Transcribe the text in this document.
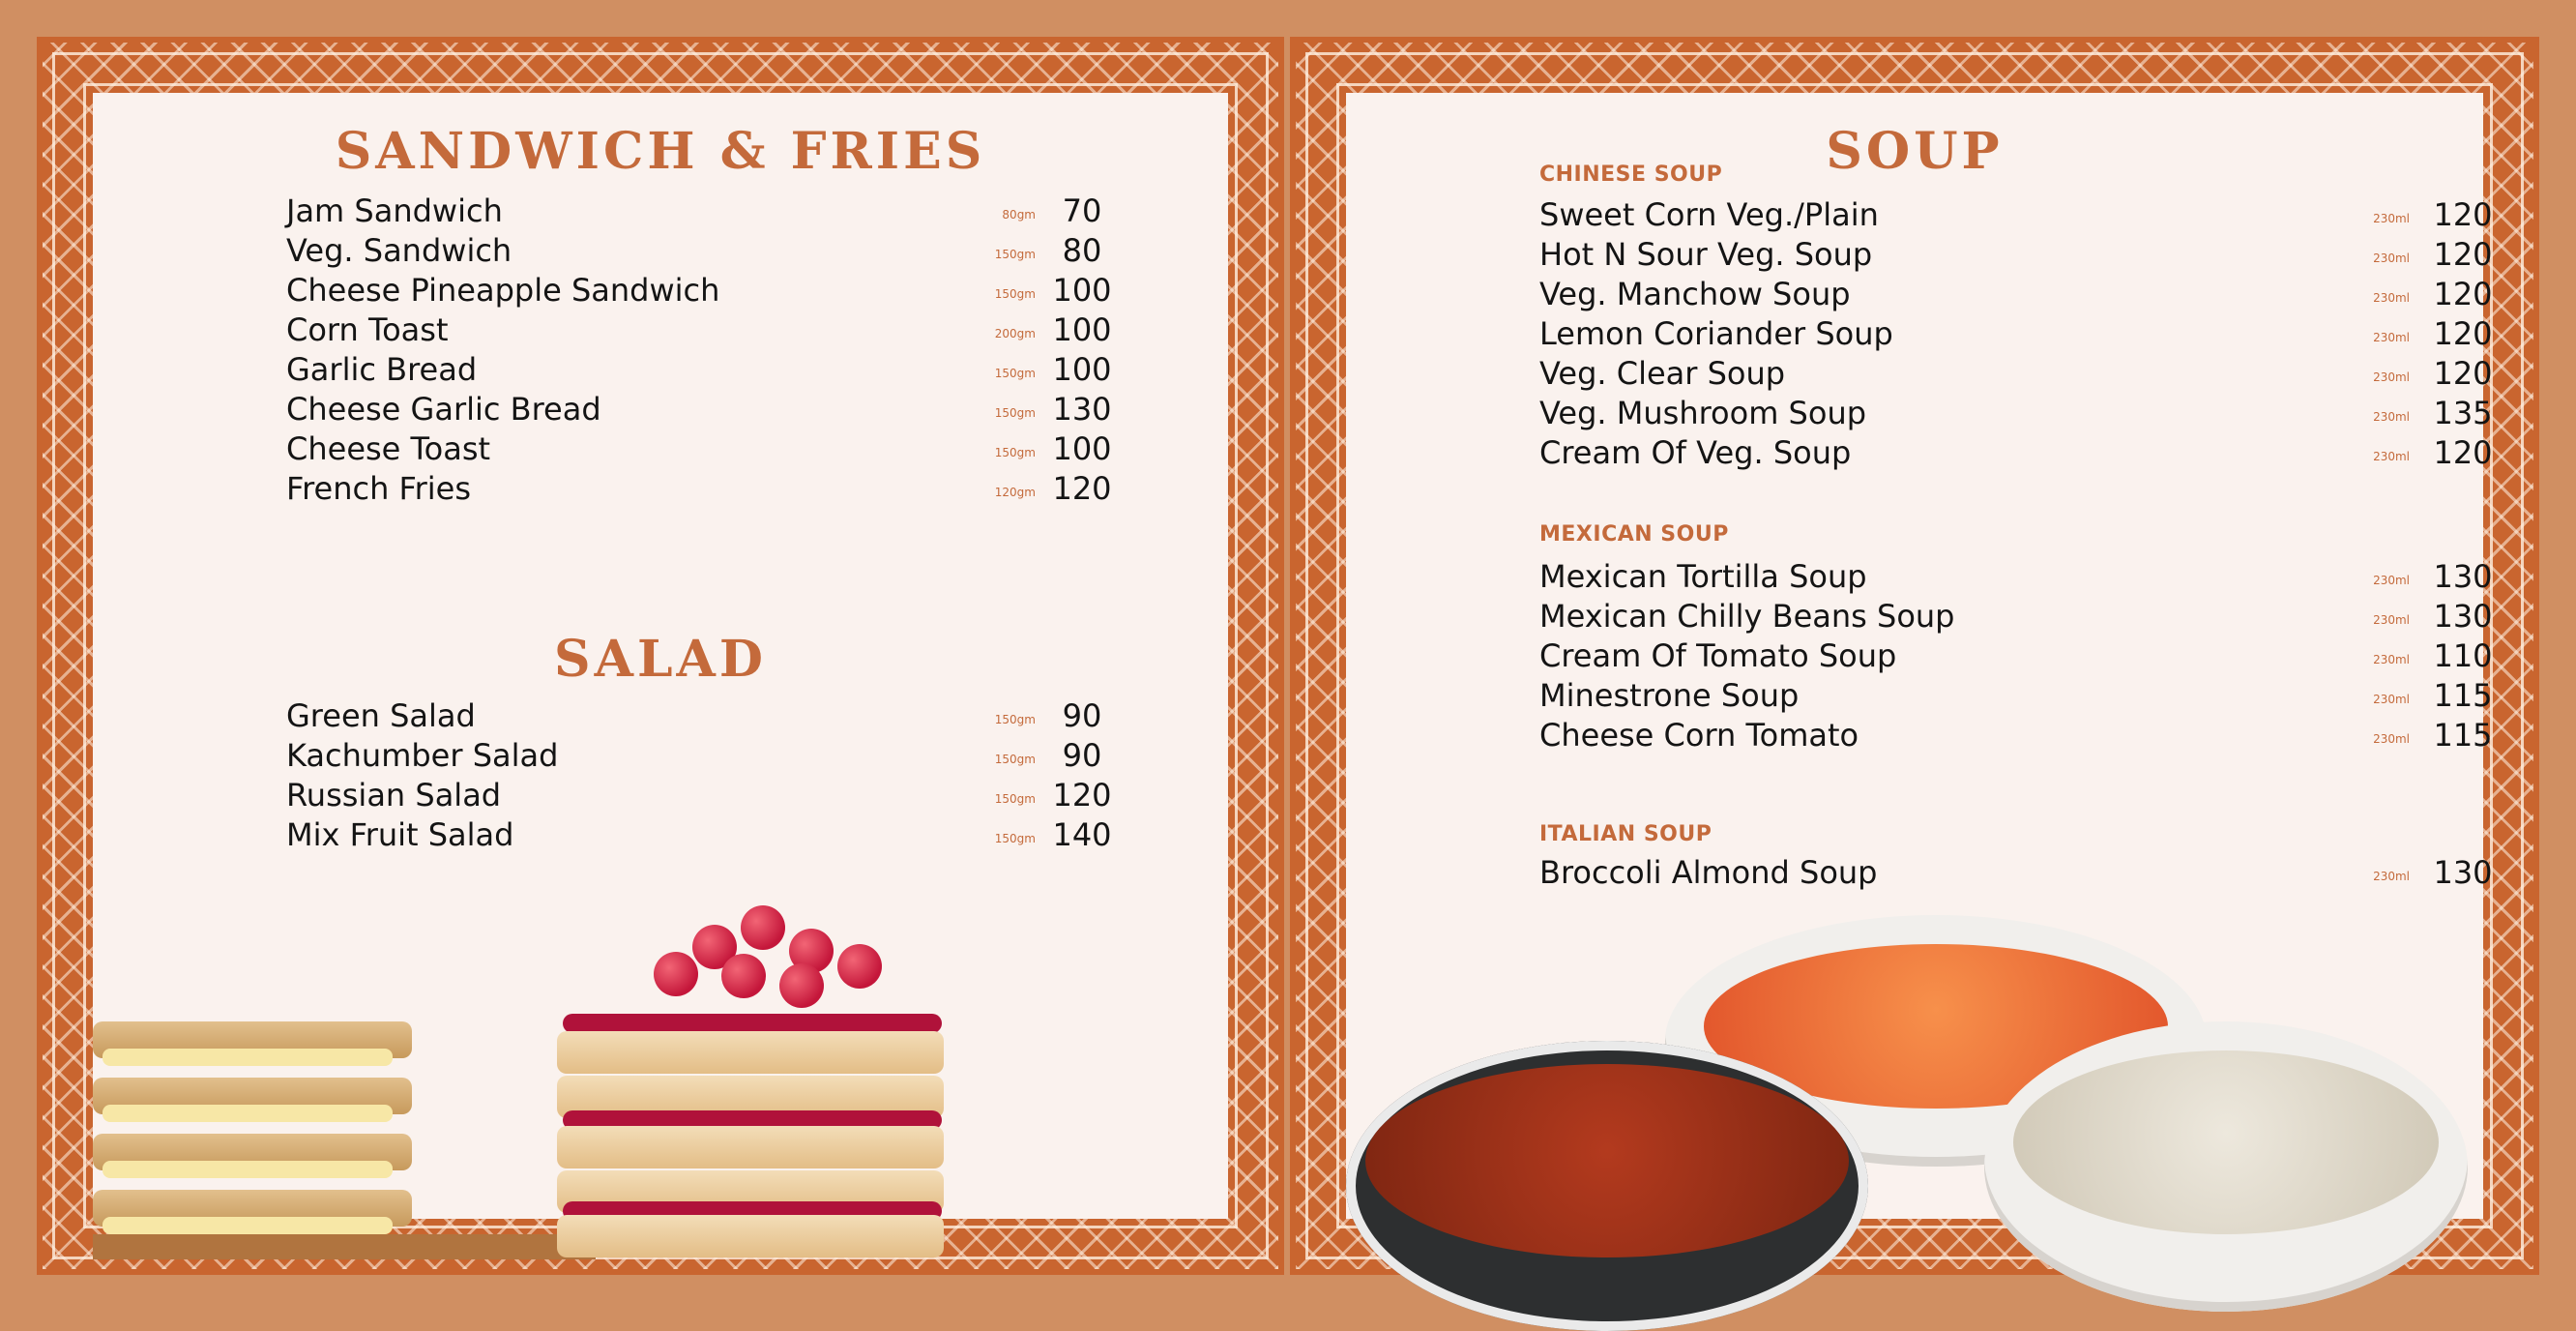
SANDWICH & FRIES
Jam Sandwich	80gm 70
Veg. Sandwich	150gm 80
Cheese Pineapple Sandwich	150gm 100
Corn Toast	200gm 100
Garlic Bread	150gm 100
Cheese Garlic Bread	150gm 130
Cheese Toast	150gm 100
French Fries	120gm 120
SALAD
Green Salad	150gm 90
Kachumber Salad	150gm 90
Russian Salad	150gm 120
Mix Fruit Salad	150gm 140
SOUP
CHINESE SOUP
Sweet Corn Veg./Plain	230ml 120
Hot N Sour Veg. Soup	230ml 120
Veg. Manchow Soup	230ml 120
Lemon Coriander Soup	230ml 120
Veg. Clear Soup	230ml 120
Veg. Mushroom Soup	230ml 135
Cream Of Veg. Soup	230ml 120
MEXICAN SOUP
Mexican Tortilla Soup	230ml 130
Mexican Chilly Beans Soup	230ml 130
Cream Of Tomato Soup	230ml 110
Minestrone Soup	230ml 115
Cheese Corn Tomato	230ml 115
ITALIAN SOUP
Broccoli Almond Soup	230ml 130
